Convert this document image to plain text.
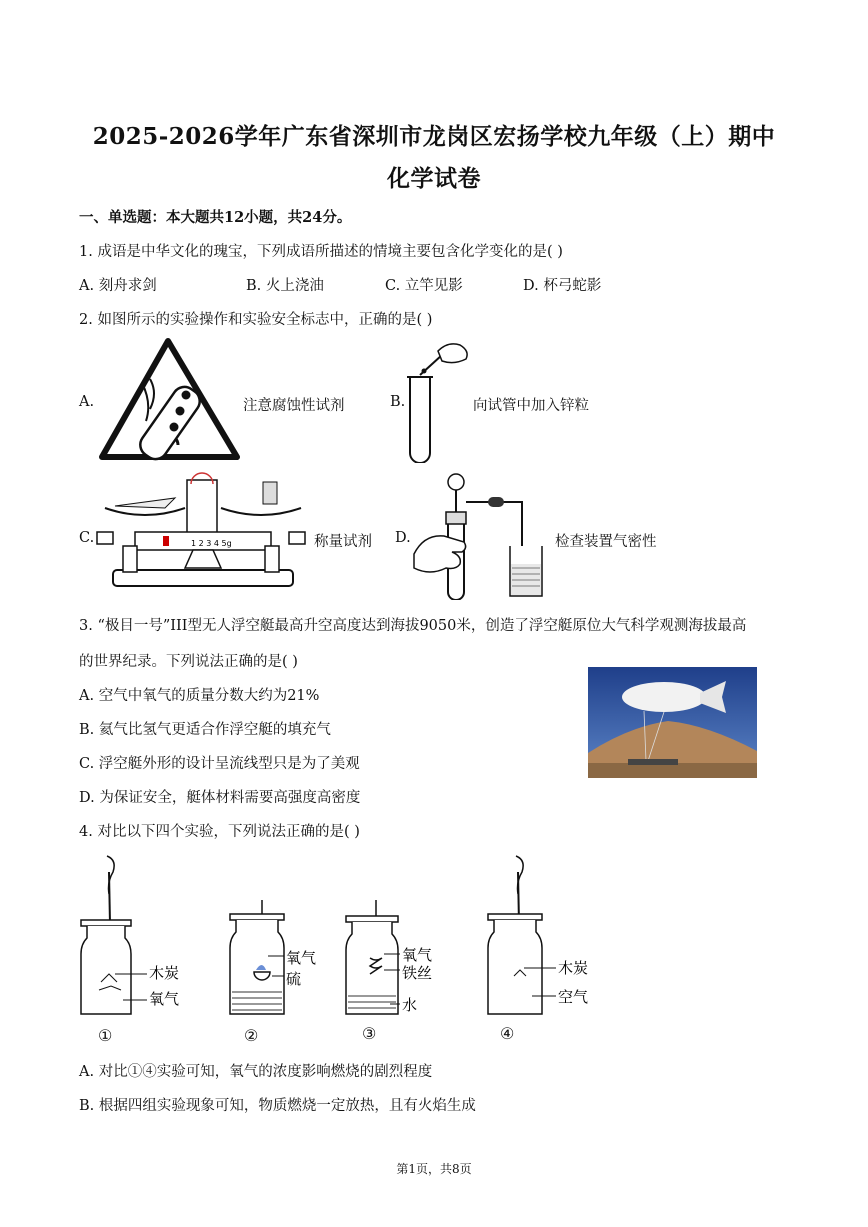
2025-2026学年广东省深圳市龙岗区宏扬学校九年级（上）期中
化学试卷
一、单选题：本大题共12小题，共24分。
1. 成语是中华文化的瑰宝，下列成语所描述的情境主要包含化学变化的是( )
A. 刻舟求剑	B. 火上浇油	C. 立竿见影	D. 杯弓蛇影
2. 如图所示的实验操作和实验安全标志中，正确的是( )
A.	注意腐蚀性试剂	B.	向试管中加入锌粒
C.	1 2 3 4 5g	称量试剂 D.	检查装置气密性
3. “极目一号”III型无人浮空艇最高升空高度达到海拔9050米，创造了浮空艇原位大气科学观测海拔最高
的世界纪录。下列说法正确的是( )
A. 空气中氧气的质量分数大约为21%
B. 氦气比氢气更适合作浮空艇的填充气
C. 浮空艇外形的设计呈流线型只是为了美观
D. 为保证安全，艇体材料需要高强度高密度
4. 对比以下四个实验，下列说法正确的是( )
木炭
氧气
①
氧气
硫
②
氧气
铁丝
水
③
木炭
空气
④
A. 对比①④实验可知，氧气的浓度影响燃烧的剧烈程度
B. 根据四组实验现象可知，物质燃烧一定放热，且有火焰生成
第1页，共8页
